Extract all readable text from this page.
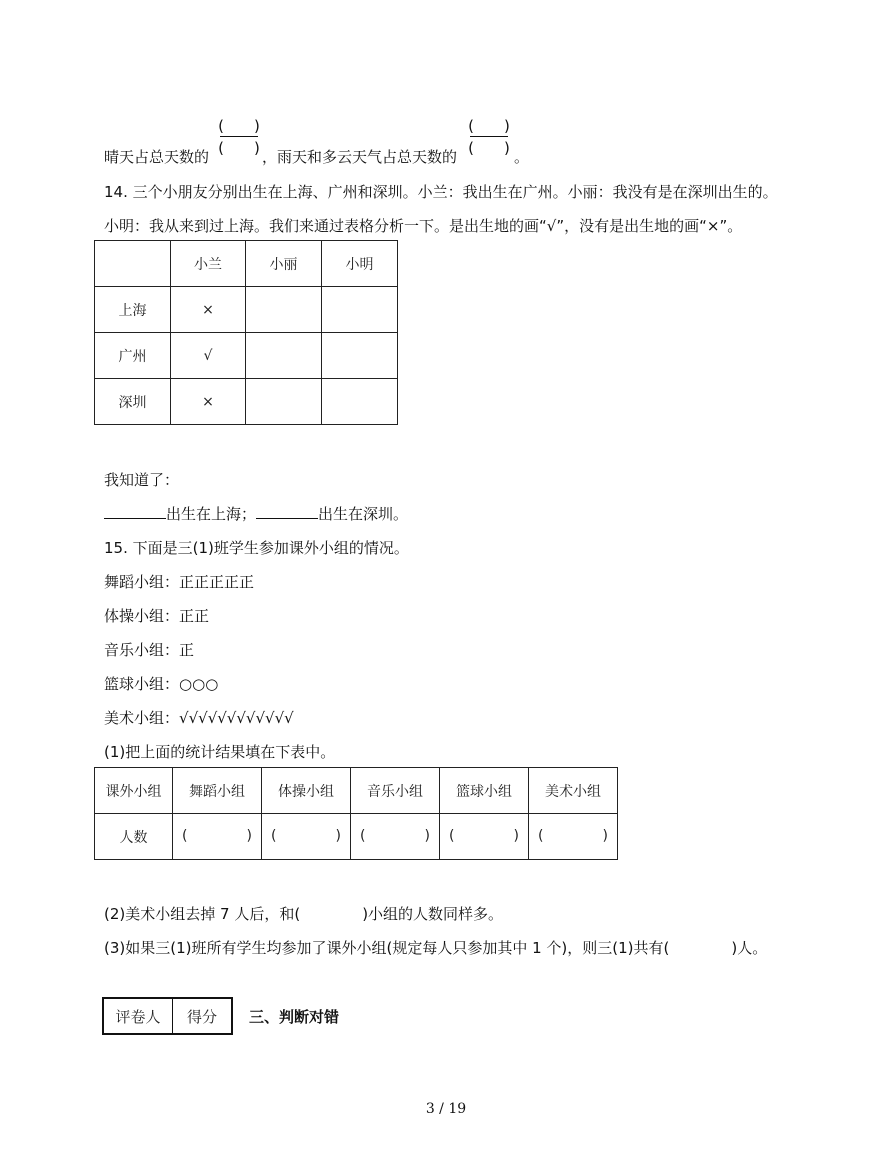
(　　)
(　　)
(　　)
(　　)
晴天占总天数的	，雨天和多云天气占总天数的	。
14. 三个小朋友分别出生在上海、广州和深圳。小兰：我出生在广州。小丽：我没有是在深圳出生的。
小明：我从来到过上海。我们来通过表格分析一下。是出生地的画“√”，没有是出生地的画“×”。
	小兰	小丽	小明
上海	×		
广州	√		
深圳	×		
我知道了：
出生在上海；	出生在深圳。
15. 下面是三(1)班学生参加课外小组的情况。
舞蹈小组：正正正正正
体操小组：正正
音乐小组：正
篮球小组：○○○
美术小组：√√√√√√√√√√√√
(1)把上面的统计结果填在下表中。
课外小组	舞蹈小组	体操小组	音乐小组	篮球小组	美术小组
人数	( )	( )	( )	( )	( )
(2)美术小组去掉 7 人后，和(	)小组的人数同样多。
(3)如果三(1)班所有学生均参加了课外小组(规定每人只参加其中 1 个)，则三(1)共有(	)人。
评卷人	得分 三、判断对错
3 / 19
